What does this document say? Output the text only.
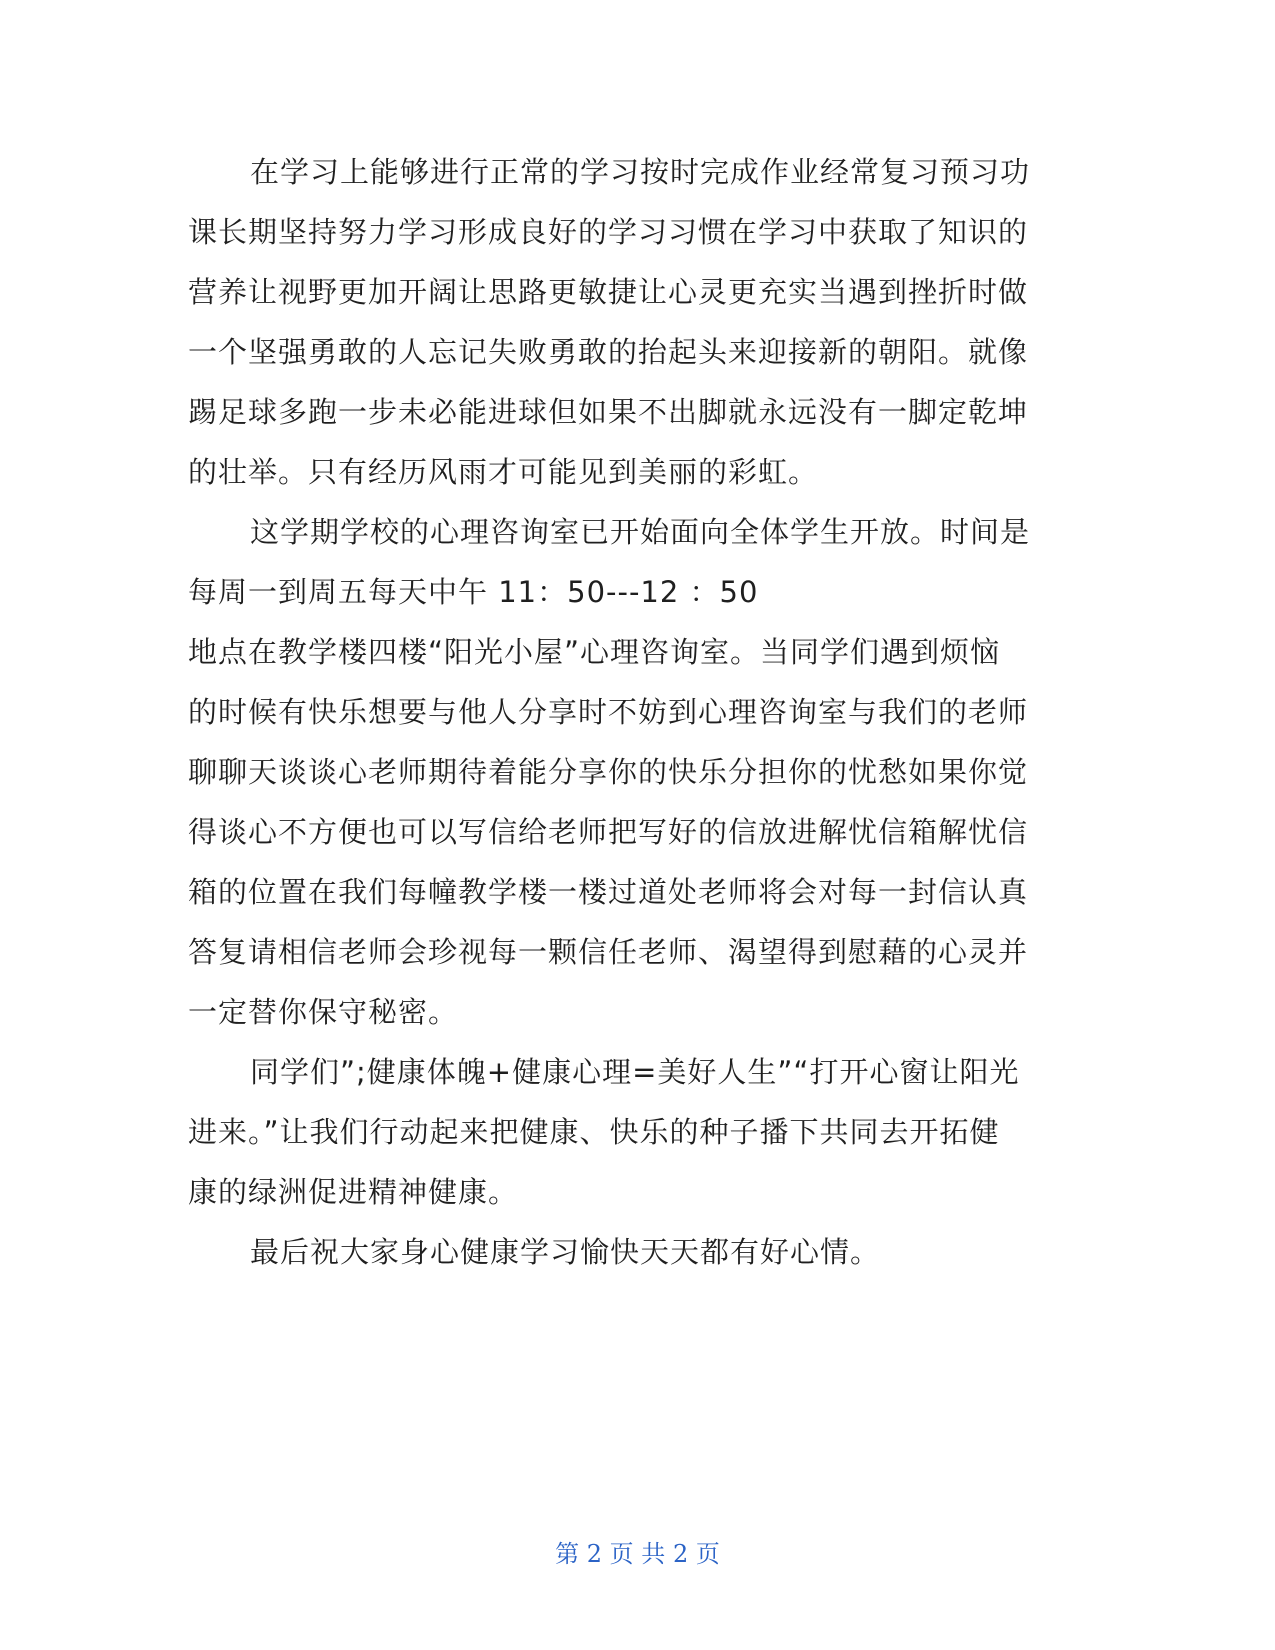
在学习上能够进行正常的学习按时完成作业经常复习预习功
课长期坚持努力学习形成良好的学习习惯在学习中获取了知识的
营养让视野更加开阔让思路更敏捷让心灵更充实当遇到挫折时做
一个坚强勇敢的人忘记失败勇敢的抬起头来迎接新的朝阳。就像
踢足球多跑一步未必能进球但如果不出脚就永远没有一脚定乾坤
的壮举。只有经历风雨才可能见到美丽的彩虹。
这学期学校的心理咨询室已开始面向全体学生开放。时间是
每周一到周五每天中午 11：50---12 ：50
地点在教学楼四楼“阳光小屋”心理咨询室。当同学们遇到烦恼
的时候有快乐想要与他人分享时不妨到心理咨询室与我们的老师
聊聊天谈谈心老师期待着能分享你的快乐分担你的忧愁如果你觉
得谈心不方便也可以写信给老师把写好的信放进解忧信箱解忧信
箱的位置在我们每幢教学楼一楼过道处老师将会对每一封信认真
答复请相信老师会珍视每一颗信任老师、渴望得到慰藉的心灵并
一定替你保守秘密。
同学们”;健康体魄+健康心理=美好人生”“打开心窗让阳光
进来。”让我们行动起来把健康、快乐的种子播下共同去开拓健
康的绿洲促进精神健康。
最后祝大家身心健康学习愉快天天都有好心情。
第 2 页 共 2 页
